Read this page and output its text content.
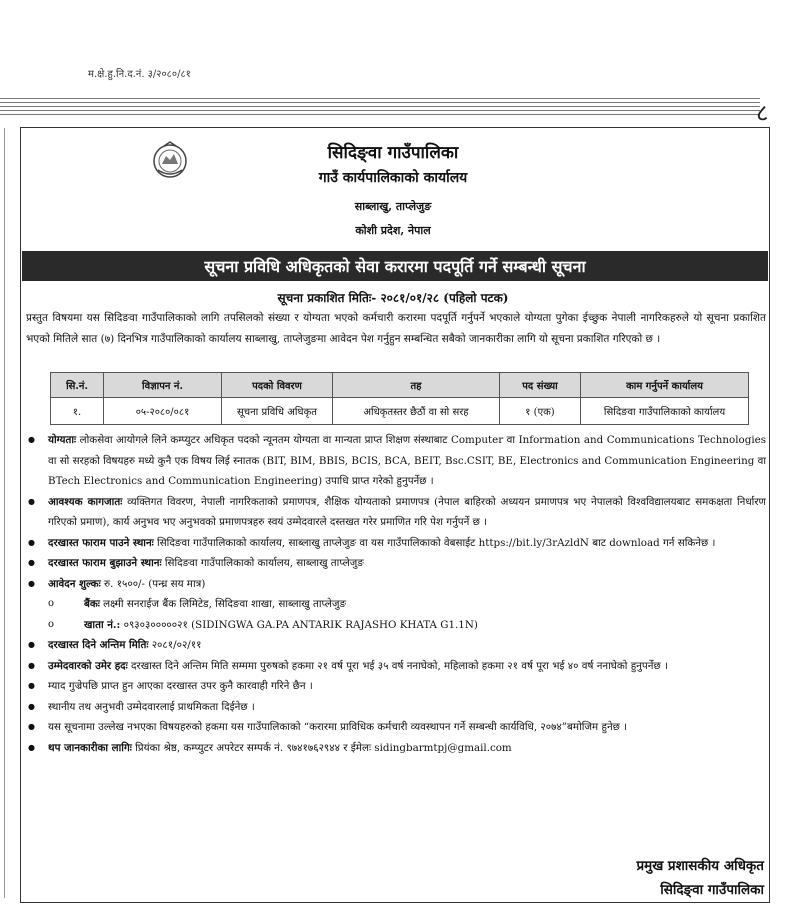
म.क्षे.हु.नि.द.नं. ३/२०८०/८१
८
सिदिङ्वा गाउँपालिका
गाउँ कार्यपालिकाको कार्यालय
साब्लाखु, ताप्लेजुङ
कोशी प्रदेश, नेपाल
सूचना प्रविधि अधिकृतको सेवा करारमा पदपूर्ति गर्ने सम्बन्धी सूचना
सूचना प्रकाशित मितिः- २०८१/०१/२८ (पहिलो पटक)
प्रस्तुत विषयमा यस सिदिङवा गाउँपालिकाको लागि तपसिलको संख्या र योग्यता भएको कर्मचारी करारमा पदपूर्ति गर्नुपर्ने भएकाले योग्यता पुगेका ईच्छुक नेपाली नागरिकहरुले यो सूचना प्रकाशित भएको मितिले सात (७) दिनभित्र गाउँपालिकाको कार्यालय साब्लाखु, ताप्लेजुङमा आवेदन पेश गर्नुहुन सम्बन्धित सबैको जानकारीका लागि यो सूचना प्रकाशित गरिएको छ ।
सि.नं.	विज्ञापन नं.	पदको विवरण	तह	पद संख्या	काम गर्नुपर्ने कार्यालय
१.	०५-२०८०/०८१	सूचना प्रविधि अधिकृत	अधिकृतस्तर छैठौं वा सो सरह	१ (एक)	सिदिङवा गाउँपालिकाको कार्यालय

● योग्यताः लोकसेवा आयोगले लिने कम्प्युटर अधिकृत पदको न्यूनतम योग्यता वा मान्यता प्राप्त शिक्षण संस्थाबाट Computer वा Information and Communications Technologies वा सो सरहको विषयहरु मध्ये कुनै एक विषय लिई स्नातक (BIT, BIM, BBIS, BCIS, BCA, BEIT, Bsc.CSIT, BE, Electronics and Communication Engineering वा BTech Electronics and Communication Engineering) उपाधि प्राप्त गरेको हुनुपर्नेछ ।

● आवश्यक कागजातः व्यक्तिगत विवरण, नेपाली नागरिकताको प्रमाणपत्र, शैक्षिक योग्यताको प्रमाणपत्र (नेपाल बाहिरको अध्ययन प्रमाणपत्र भए नेपालको विश्वविद्यालयबाट समकक्षता निर्धारण गरिएको प्रमाण), कार्य अनुभव भए अनुभवको प्रमाणपत्रहरु स्वयं उम्मेदवारले दस्तखत गरेर प्रमाणित गरि पेश गर्नुपर्ने छ ।

● दरखास्त फाराम पाउने स्थानः सिदिङवा गाउँपालिकाको कार्यालय, साब्लाखु ताप्लेजुङ वा यस गाउँपालिकाको वेबसाईट https://bit.ly/3rAzldN बाट download गर्न सकिनेछ ।

● दरखास्त फाराम बुझाउने स्थानः सिदिङवा गाउँपालिकाको कार्यालय, साब्लाखु ताप्लेजुङ

● आवेदन शुल्कः रु. १५००/- (पन्ध्र सय मात्र)

o बैंकः लक्ष्मी सनराईज बैंक लिमिटेड, सिदिङवा शाखा, साब्लाखु ताप्लेजुङ

o खाता नं.: ०९३०३०००००२१ (SIDINGWA GA.PA ANTARIK RAJASHO KHATA G1.1N)

● दरखास्त दिने अन्तिम मितिः २०८१/०२/११

● उम्मेदवारको उमेर हदः दरखास्त दिने अन्तिम मिति सम्ममा पुरुषको हकमा २१ वर्ष पूरा भई ३५ वर्ष ननाघेको, महिलाको हकमा २१ वर्ष पूरा भई ४० वर्ष ननाघेको हुनुपर्नेछ ।

● म्याद गुज्रेपछि प्राप्त हुन आएका दरखास्त उपर कुनै कारवाही गरिने छैन ।

● स्थानीय तथ अनुभवी उम्मेदवारलाई प्राथमिकता दिईनेछ ।

● यस सूचनामा उल्लेख नभएका विषयहरुको हकमा यस गाउँपालिकाको “करारमा प्राविधिक कर्मचारी व्यवस्थापन गर्ने सम्बन्धी कार्यविधि, २०७४”बमोजिम हुनेछ ।

● थप जानकारीका लागिः प्रियंका श्रेष्ठ, कम्प्युटर अपरेटर सम्पर्क नं. ९७४१७६२९४४ र ईमेलः sidingbarmtpj@gmail.com

प्रमुख प्रशासकीय अधिकृत
सिदिङ्वा गाउँपालिका
